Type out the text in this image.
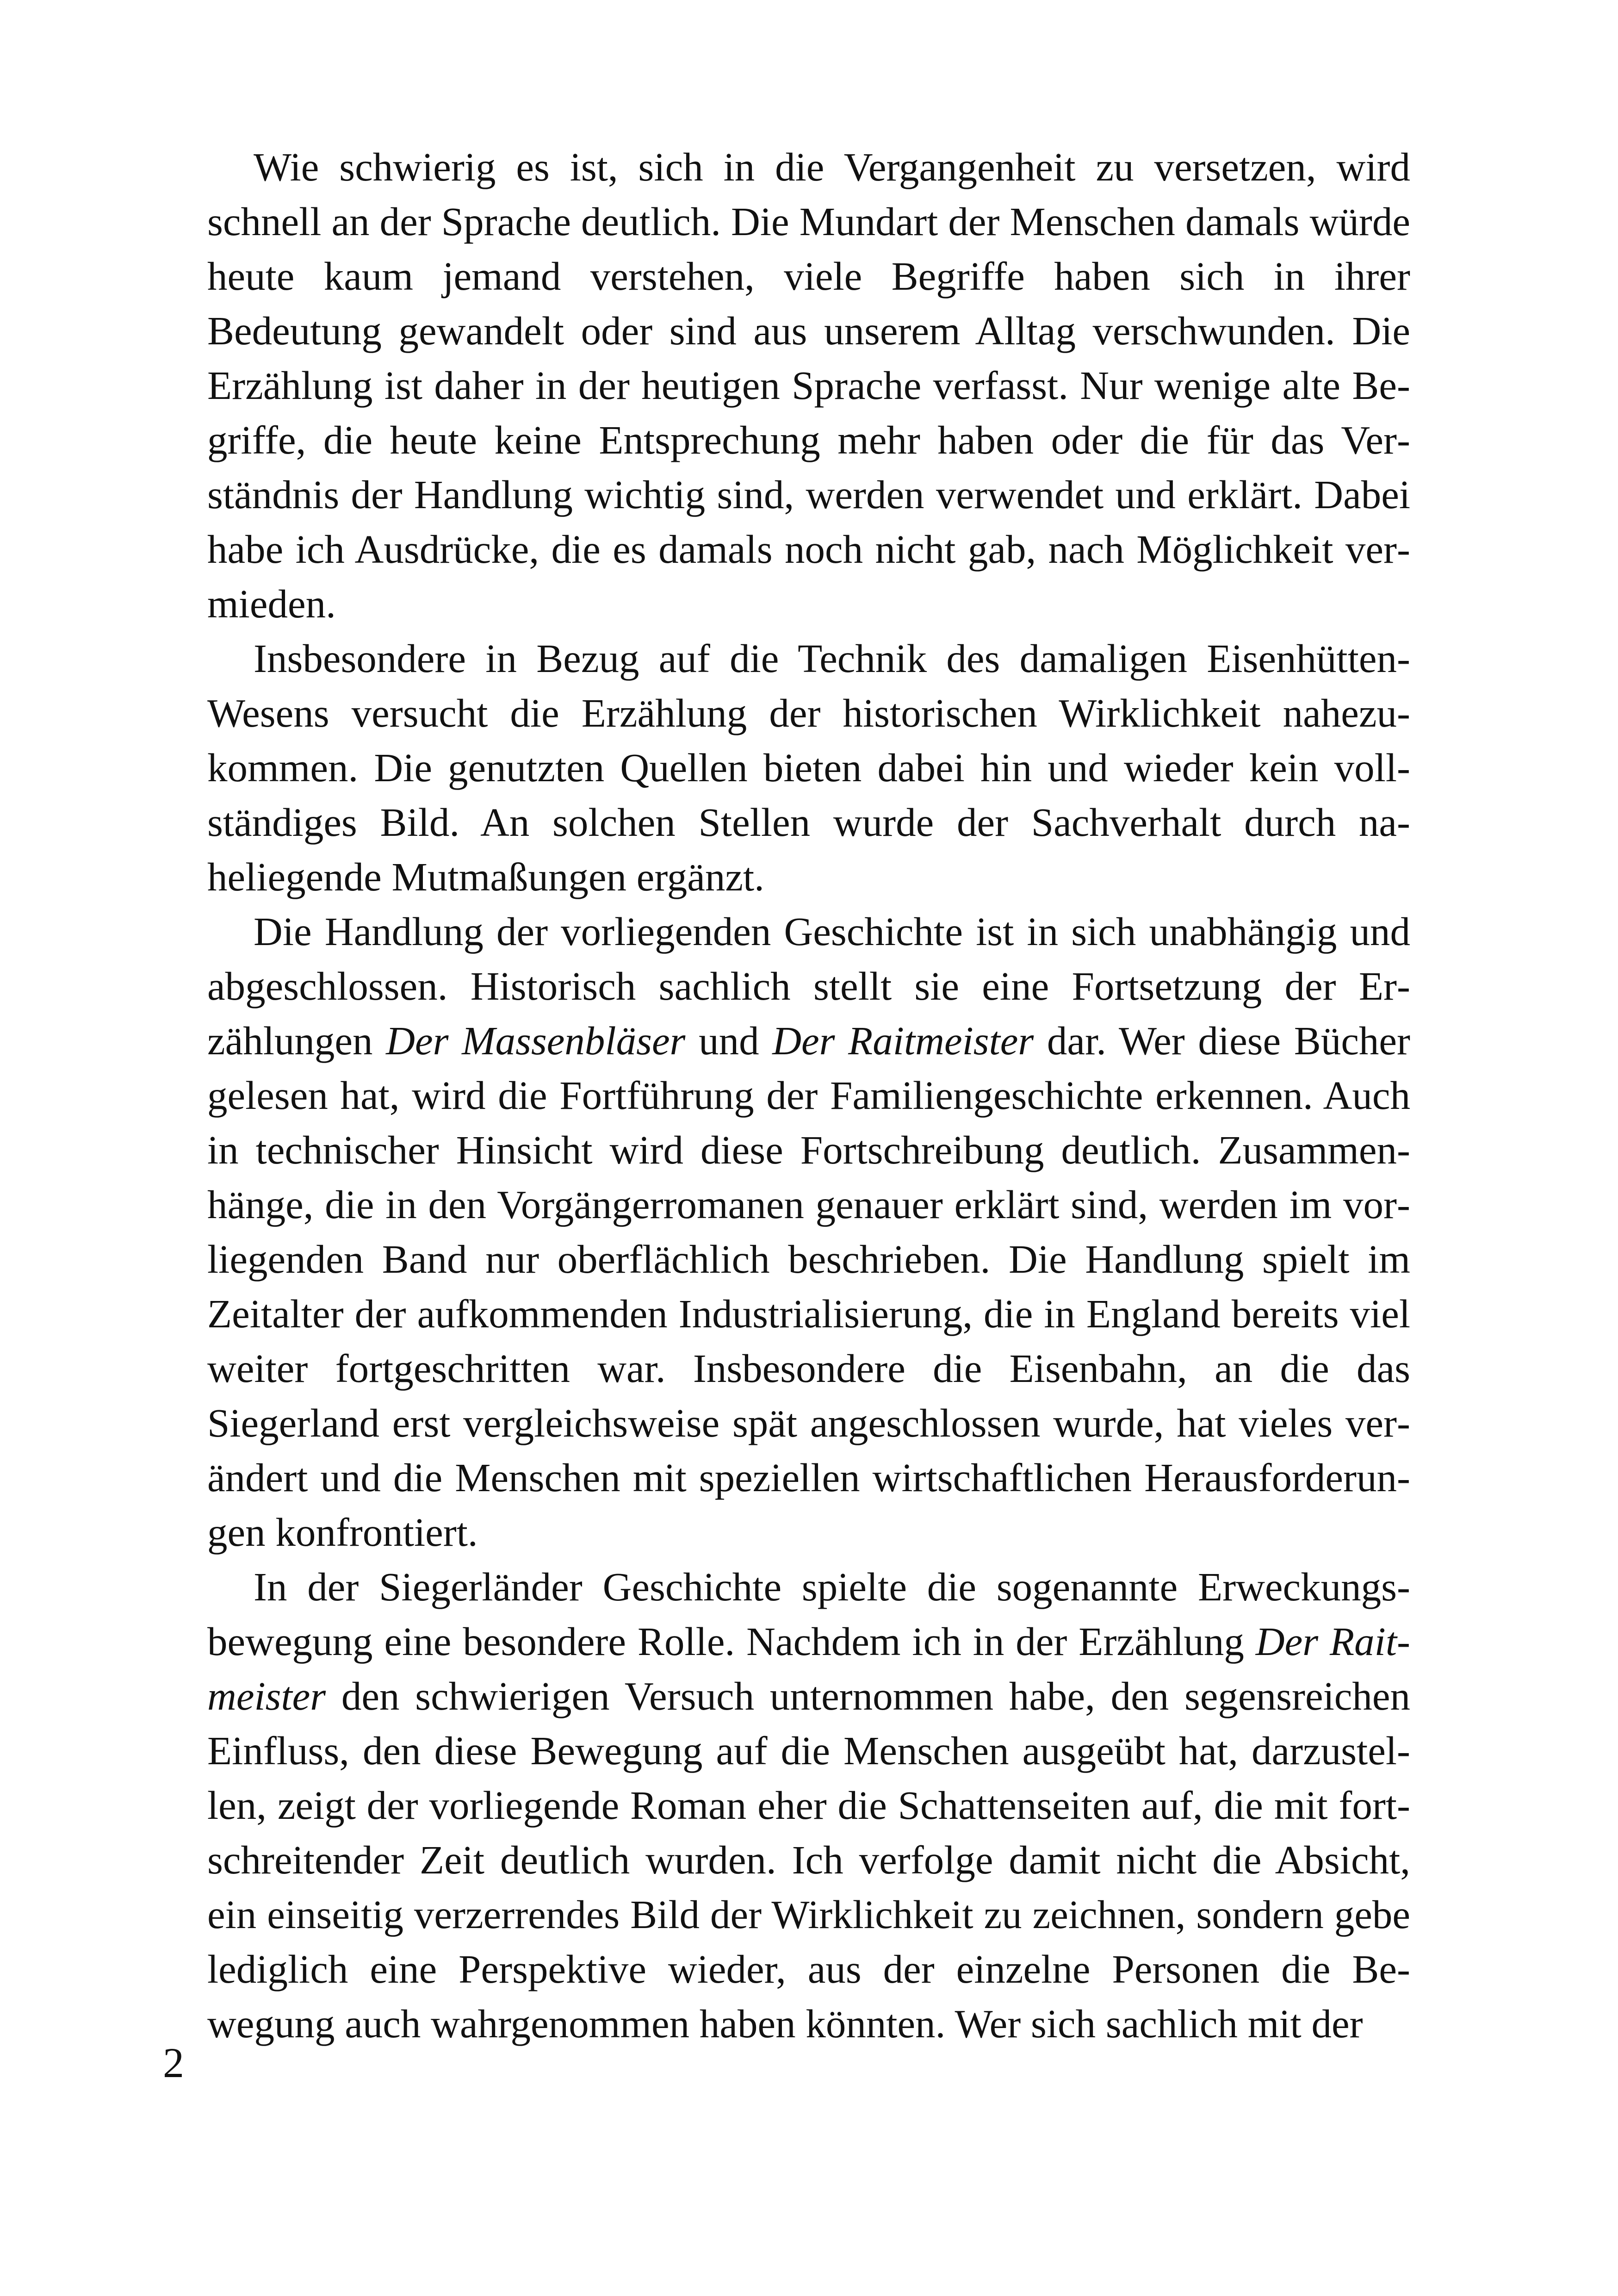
Wie schwierig es ist, sich in die Vergangenheit zu versetzen, wird schnell an der Sprache deutlich. Die Mundart der Menschen damals würde heute kaum jemand verstehen, viele Begriffe haben sich in ihrer Bedeutung gewandelt oder sind aus unserem Alltag verschwunden. Die Erzählung ist daher in der heutigen Sprache verfasst. Nur wenige alte Begriffe, die heute keine Entsprechung mehr haben oder die für das Verständnis der Handlung wichtig sind, werden verwendet und erklärt. Dabei habe ich Ausdrücke, die es damals noch nicht gab, nach Möglichkeit vermieden.

Insbesondere in Bezug auf die Technik des damaligen EisenhüttenWesens versucht die Erzählung der historischen Wirklichkeit nahezukommen. Die genutzten Quellen bieten dabei hin und wieder kein vollständiges Bild. An solchen Stellen wurde der Sachverhalt durch naheliegende Mutmaßungen ergänzt.

Die Handlung der vorliegenden Geschichte ist in sich unabhängig und abgeschlossen. Historisch sachlich stellt sie eine Fortsetzung der Erzählungen Der Massenbläser und Der Raitmeister dar. Wer diese Bücher gelesen hat, wird die Fortführung der Familiengeschichte erkennen. Auch in technischer Hinsicht wird diese Fortschreibung deutlich. Zusammenhänge, die in den Vorgängerromanen genauer erklärt sind, werden im vorliegenden Band nur oberflächlich beschrieben. Die Handlung spielt im Zeitalter der aufkommenden Industrialisierung, die in England bereits viel weiter fortgeschritten war. Insbesondere die Eisenbahn, an die das Siegerland erst vergleichsweise spät angeschlossen wurde, hat vieles verändert und die Menschen mit speziellen wirtschaftlichen Herausforderungen konfrontiert.

In der Siegerländer Geschichte spielte die sogenannte Erweckungsbewegung eine besondere Rolle. Nachdem ich in der Erzählung Der Raitmeister den schwierigen Versuch unternommen habe, den segensreichen Einfluss, den diese Bewegung auf die Menschen ausgeübt hat, darzustellen, zeigt der vorliegende Roman eher die Schattenseiten auf, die mit fortschreitender Zeit deutlich wurden. Ich verfolge damit nicht die Absicht, ein einseitig verzerrendes Bild der Wirklichkeit zu zeichnen, sondern gebe lediglich eine Perspektive wieder, aus der einzelne Personen die Bewegung auch wahrgenommen haben könnten. Wer sich sachlich mit der

2
